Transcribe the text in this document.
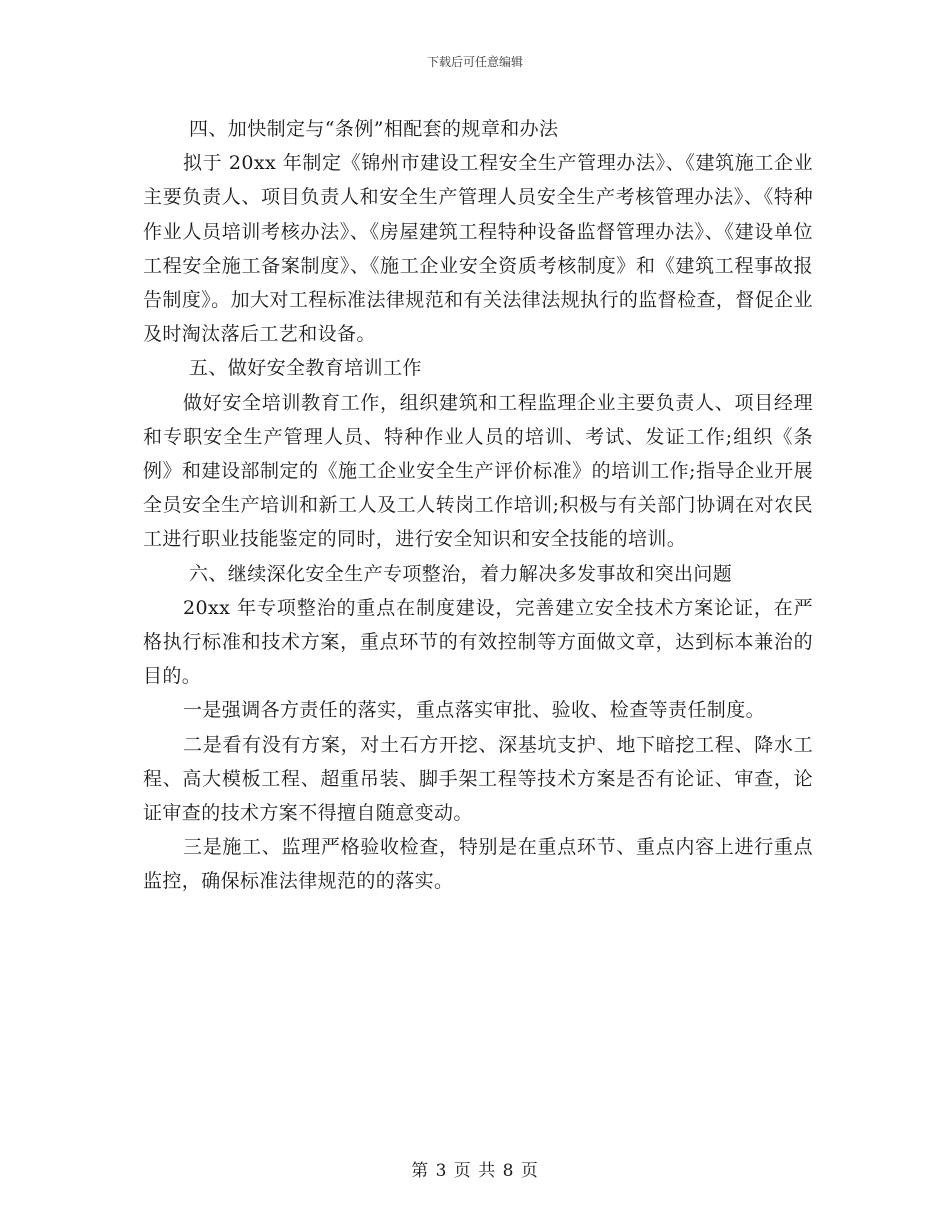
下载后可任意编辑

四、加快制定与“条例”相配套的规章和办法

拟于 20xx 年制定《锦州市建设工程安全生产管理办法》、《建筑施工企业主要负责人、项目负责人和安全生产管理人员安全生产考核管理办法》、《特种作业人员培训考核办法》、《房屋建筑工程特种设备监督管理办法》、《建设单位工程安全施工备案制度》、《施工企业安全资质考核制度》和《建筑工程事故报告制度》。加大对工程标准法律规范和有关法律法规执行的监督检查，督促企业及时淘汰落后工艺和设备。

五、做好安全教育培训工作

做好安全培训教育工作，组织建筑和工程监理企业主要负责人、项目经理和专职安全生产管理人员、特种作业人员的培训、考试、发证工作;组织《条例》和建设部制定的《施工企业安全生产评价标准》的培训工作;指导企业开展全员安全生产培训和新工人及工人转岗工作培训;积极与有关部门协调在对农民工进行职业技能鉴定的同时，进行安全知识和安全技能的培训。

六、继续深化安全生产专项整治，着力解决多发事故和突出问题

20xx 年专项整治的重点在制度建设，完善建立安全技术方案论证，在严格执行标准和技术方案，重点环节的有效控制等方面做文章，达到标本兼治的目的。

一是强调各方责任的落实，重点落实审批、验收、检查等责任制度。

二是看有没有方案，对土石方开挖、深基坑支护、地下暗挖工程、降水工程、高大模板工程、超重吊装、脚手架工程等技术方案是否有论证、审查，论证审查的技术方案不得擅自随意变动。

三是施工、监理严格验收检查，特别是在重点环节、重点内容上进行重点监控，确保标准法律规范的的落实。

第 3 页 共 8 页
